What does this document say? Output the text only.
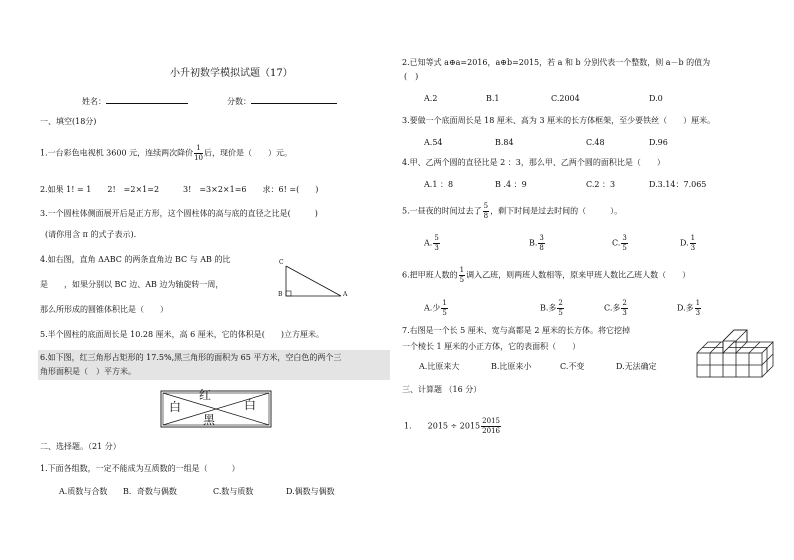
小升初数学模拟试题（17）
姓名：	分数：
一、填空(18分)
1.一台彩色电视机 3600 元，连续两次降价 $\frac{1}{10}$ 后，现价是（　　）元。
2.如果 1! = 1　　2!　=2×1=2　　　3!　=3×2×1=6　　求：6! =(　　)
3.一个圆柱体侧面展开后是正方形，这个圆柱体的高与底的直径之比是(　　　)
(请你用含 π 的式子表示).
4.如右图，直角 ΔABC 的两条直角边 BC 与 AB 的比
是　　，如果分别以 BC 边、AB 边为轴旋转一周，
那么所形成的圆锥体积比是（　　）
C
B	A
5.半个圆柱的底面周长是 10.28 厘米，高 6 厘米，它的体积是(　　)立方厘米。
6.如下图，红三角形占矩形的 17.5%,黑三角形的面积为 65 平方米，空白色的两个三
角形面积是（　）平方米。
红
白	白
黑
二、选择题。（21 分）
1.下面各组数，一定不能成为互质数的一组是（　　　）
A.质数与合数 B．奇数与偶数	C.数与质数	D.偶数与偶数
2.已知等式 a⊕a=2016，a⊕b=2015，若 a 和 b 分别代表一个整数，则 a－b 的值为
(　)
A.2	B.1	C.2004	D.0
3.要做一个底面周长是 18 厘米、高为 3 厘米的长方体框架，至少要铁丝（　　）厘米。
A.54	B.84	C.48	D.96
4.甲、乙两个圆的直径比是 2 ：3，那么甲、乙两个圆的面积比是（　　）
A.1 ：8	B .4 ：9	C.2 ：3	D.3.14：7.065
5.一昼夜的时间过去了 $\frac{5}{8}$ ，剩下时间是过去时间的（　　　）。
A. $\frac{5}{3}$	B. $\frac{3}{8}$	C. $\frac{3}{5}$	D. $\frac{1}{3}$
6.把甲班人数的 $\frac{1}{5}$ 调入乙班，则两班人数相等，原来甲班人数比乙班人数（　　）
A.少 $\frac{1}{5}$	B.多 $\frac{2}{5}$	C.多 $\frac{2}{3}$	D.多 $\frac{1}{3}$
7.右图是一个长 5 厘米、宽与高都是 2 厘米的长方体。将它挖掉
一个棱长 1 厘米的小正方体，它的表面积（　　）
A.比原来大	B.比原来小	C.不变	D.无法确定
三、计算题 （16 分）
1.　　 $2015 \div 2015 \frac{2015}{2016}$
